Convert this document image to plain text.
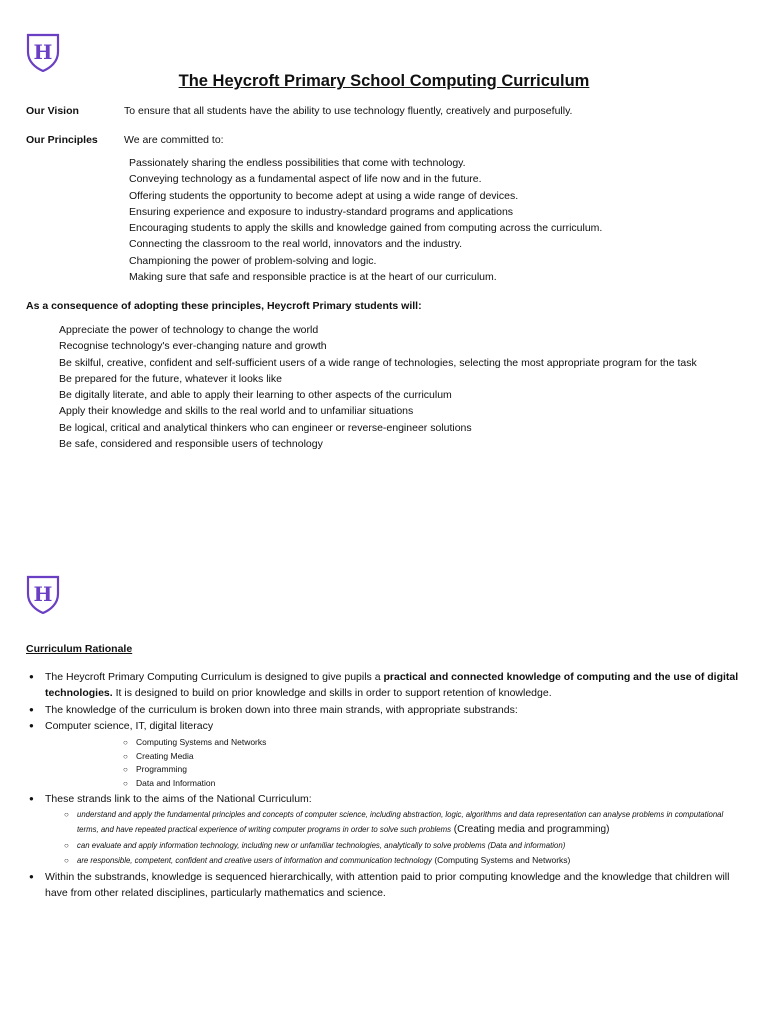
H
The Heycroft Primary School Computing Curriculum
Our Vision	To ensure that all students have the ability to use technology fluently, creatively and purposefully.
Our Principles We are committed to:
Passionately sharing the endless possibilities that come with technology.
Conveying technology as a fundamental aspect of life now and in the future.
Offering students the opportunity to become adept at using a wide range of devices.
Ensuring experience and exposure to industry-standard programs and applications
Encouraging students to apply the skills and knowledge gained from computing across the curriculum.
Connecting the classroom to the real world, innovators and the industry.
Championing the power of problem-solving and logic.
Making sure that safe and responsible practice is at the heart of our curriculum.
As a consequence of adopting these principles, Heycroft Primary students will:
Appreciate the power of technology to change the world
Recognise technology's ever-changing nature and growth
Be skilful, creative, confident and self-sufficient users of a wide range of technologies, selecting the most appropriate program for the task
Be prepared for the future, whatever it looks like
Be digitally literate, and able to apply their learning to other aspects of the curriculum
Apply their knowledge and skills to the real world and to unfamiliar situations
Be logical, critical and analytical thinkers who can engineer or reverse-engineer solutions
Be safe, considered and responsible users of technology
H
Curriculum Rationale
● The Heycroft Primary Computing Curriculum is designed to give pupils a practical and connected knowledge of computing and the use of digital technologies. It is designed to build on prior knowledge and skills in order to support retention of knowledge.
● The knowledge of the curriculum is broken down into three main strands, with appropriate substrands:
● Computer science, IT, digital literacy
○ Computing Systems and Networks
○ Creating Media
○ Programming
○ Data and Information
● These strands link to the aims of the National Curriculum:
○ understand and apply the fundamental principles and concepts of computer science, including abstraction, logic, algorithms and data representation can analyse problems in computational terms, and have repeated practical experience of writing computer programs in order to solve such problems (Creating media and programming)
○ can evaluate and apply information technology, including new or unfamiliar technologies, analytically to solve problems (Data and information)
○ are responsible, competent, confident and creative users of information and communication technology (Computing Systems and Networks)
● Within the substrands, knowledge is sequenced hierarchically, with attention paid to prior computing knowledge and the knowledge that children will have from other related disciplines, particularly mathematics and science.
